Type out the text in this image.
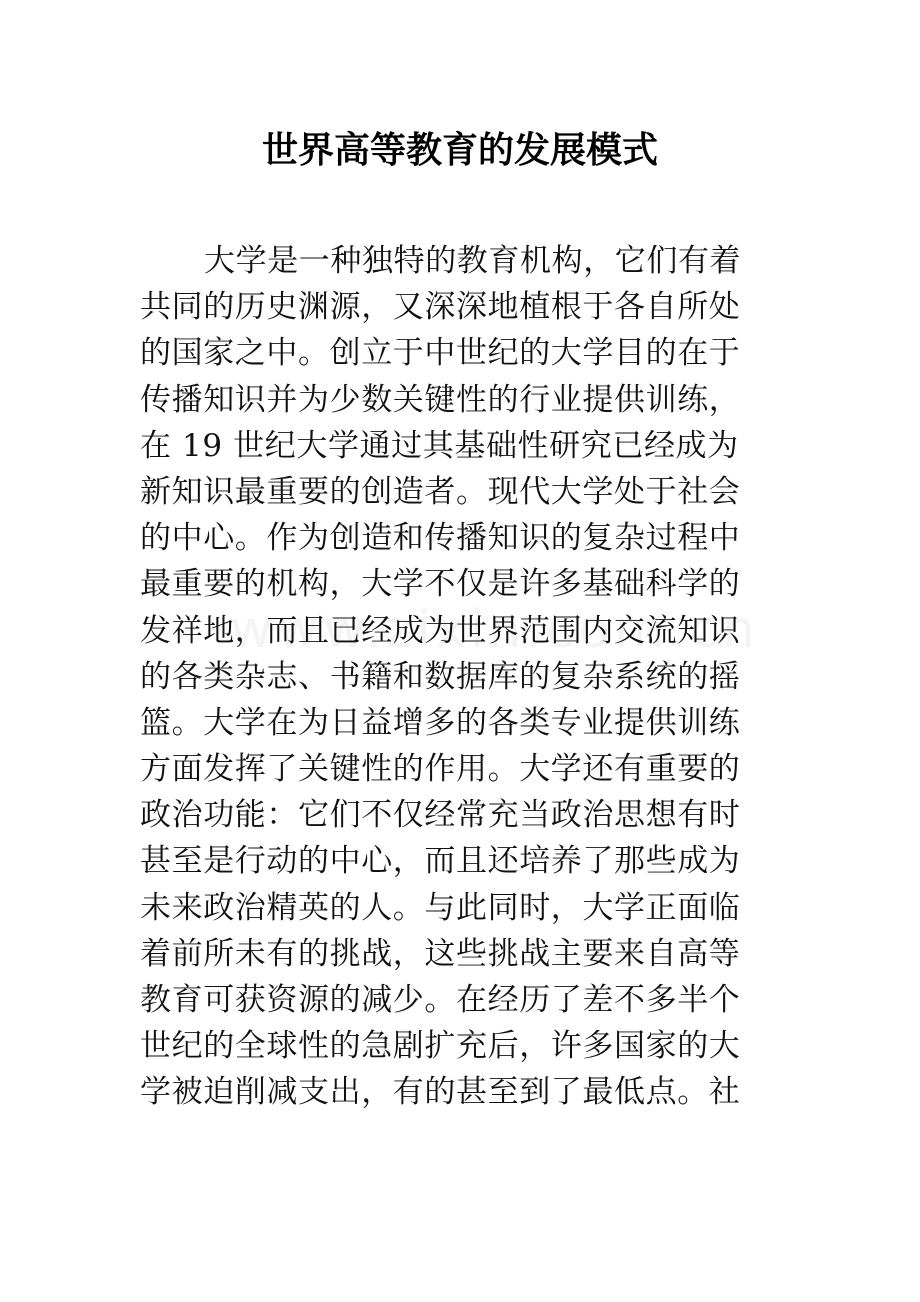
世界高等教育的发展模式
大学是一种独特的教育机构，它们有着
共同的历史渊源，又深深地植根于各自所处
的国家之中。创立于中世纪的大学目的在于
传播知识并为少数关键性的行业提供训练，
在 19 世纪大学通过其基础性研究已经成为
新知识最重要的创造者。现代大学处于社会
的中心。作为创造和传播知识的复杂过程中
最重要的机构，大学不仅是许多基础科学的
发祥地，而且已经成为世界范围内交流知识
的各类杂志、书籍和数据库的复杂系统的摇
篮。大学在为日益增多的各类专业提供训练
方面发挥了关键性的作用。大学还有重要的
政治功能：它们不仅经常充当政治思想有时
甚至是行动的中心，而且还培养了那些成为
未来政治精英的人。与此同时，大学正面临
着前所未有的挑战，这些挑战主要来自高等
教育可获资源的减少。在经历了差不多半个
世纪的全球性的急剧扩充后，许多国家的大
学被迫削减支出，有的甚至到了最低点。社
